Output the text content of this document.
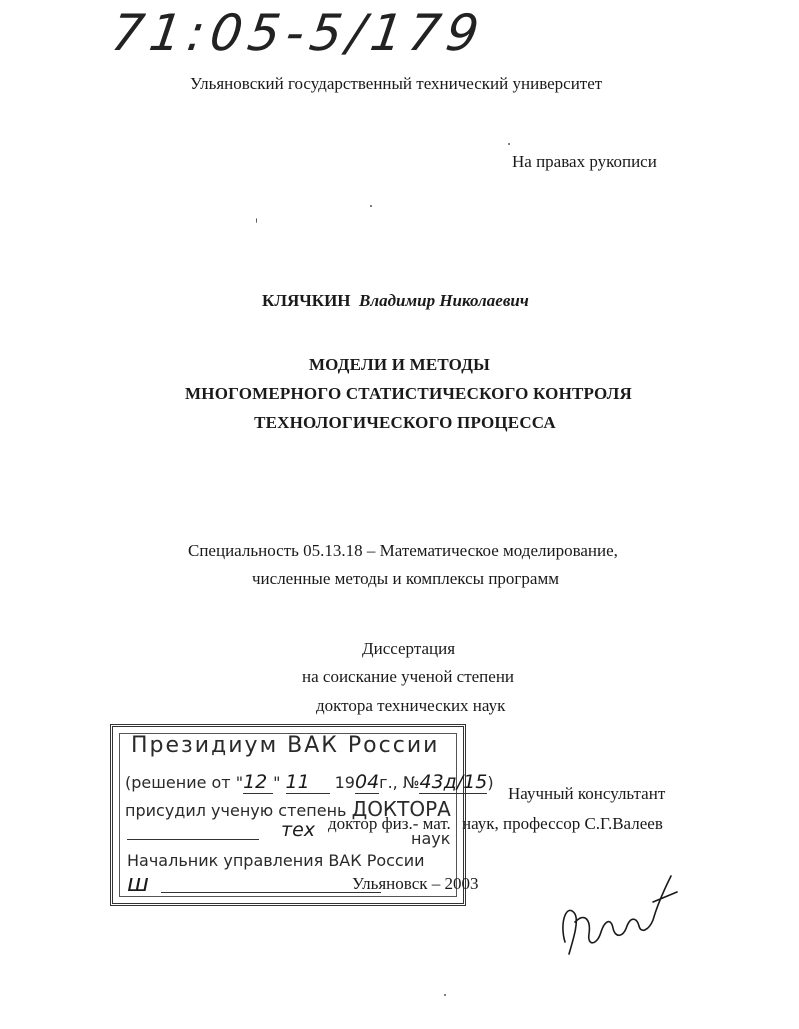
71:05-5/179
Ульяновский государственный технический университет
На правах рукописи
КЛЯЧКИН Владимир Николаевич
МОДЕЛИ И МЕТОДЫ
МНОГОМЕРНОГО СТАТИСТИЧЕСКОГО КОНТРОЛЯ
ТЕХНОЛОГИЧЕСКОГО ПРОЦЕССА
Специальность 05.13.18 – Математическое моделирование,
численные методы и комплексы программ
Диссертация
на соискание ученой степени
доктора технических наук
Научный консультант
доктор физ.- мат. наук, профессор С.Г.Валеев
Президиум ВАК России
(решение от "12 " 11 1904г., №43д/15)
присудил ученую степень ДОКТОРА
тех	наук
Начальник управления ВАК России
ш	Ульяновск – 2003
